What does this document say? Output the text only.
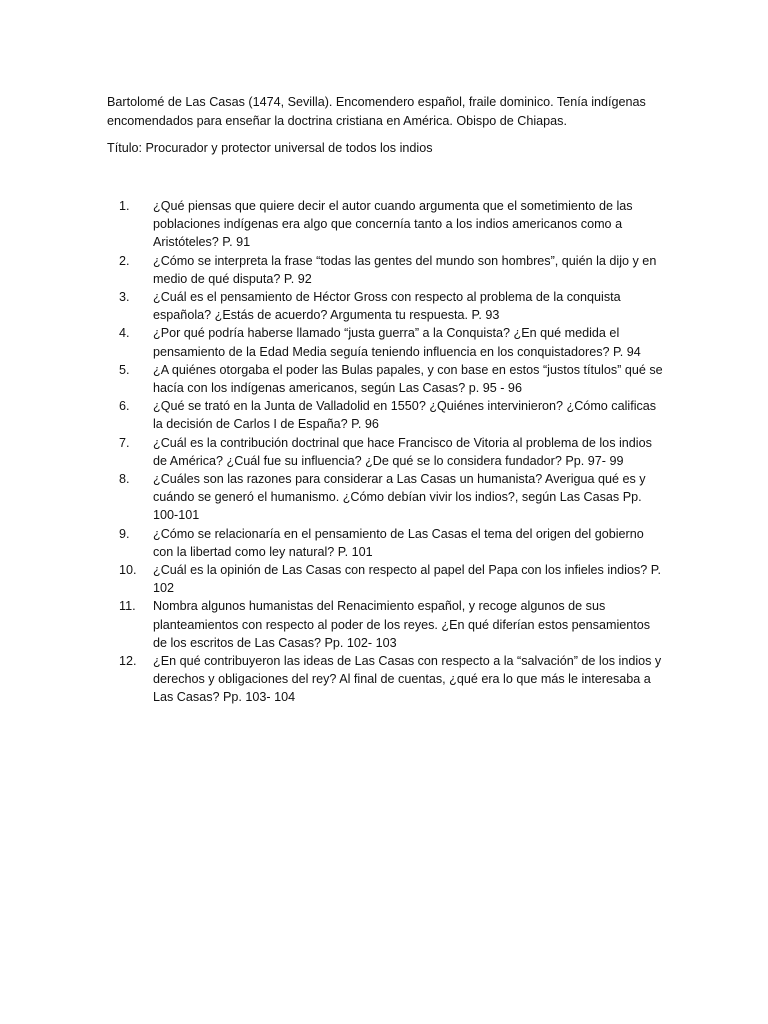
Bartolomé de Las Casas (1474, Sevilla). Encomendero español, fraile dominico. Tenía indígenas encomendados para enseñar la doctrina cristiana en América. Obispo de Chiapas.

Título: Procurador y protector universal de todos los indios

1.	¿Qué piensas que quiere decir el autor cuando argumenta que el sometimiento de las poblaciones indígenas era algo que concernía tanto a los indios americanos como a Aristóteles? P. 91
2.	¿Cómo se interpreta la frase “todas las gentes del mundo son hombres”, quién la dijo y en medio de qué disputa? P. 92
3.	¿Cuál es el pensamiento de Héctor Gross con respecto al problema de la conquista española? ¿Estás de acuerdo? Argumenta tu respuesta. P. 93
4.	¿Por qué podría haberse llamado “justa guerra” a la Conquista? ¿En qué medida el pensamiento de la Edad Media seguía teniendo influencia en los conquistadores? P. 94
5.	¿A quiénes otorgaba el poder las Bulas papales, y con base en estos “justos títulos” qué se hacía con los indígenas americanos, según Las Casas? p. 95 - 96
6.	¿Qué se trató en la Junta de Valladolid en 1550? ¿Quiénes intervinieron? ¿Cómo calificas la decisión de Carlos I de España? P. 96
7.	¿Cuál es la contribución doctrinal que hace Francisco de Vitoria al problema de los indios de América? ¿Cuál fue su influencia? ¿De qué se lo considera fundador? Pp. 97- 99
8.	¿Cuáles son las razones para considerar a Las Casas un humanista? Averigua qué es y cuándo se generó el humanismo. ¿Cómo debían vivir los indios?, según Las Casas Pp. 100-101
9.	¿Cómo se relacionaría en el pensamiento de Las Casas el tema del origen del gobierno con la libertad como ley natural? P. 101
10.	¿Cuál es la opinión de Las Casas con respecto al papel del Papa con los infieles indios? P. 102
11.	Nombra algunos humanistas del Renacimiento español, y recoge algunos de sus planteamientos con respecto al poder de los reyes. ¿En qué diferían estos pensamientos de los escritos de Las Casas? Pp. 102- 103
12.	¿En qué contribuyeron las ideas de Las Casas con respecto a la “salvación” de los indios y derechos y obligaciones del rey? Al final de cuentas, ¿qué era lo que más le interesaba a Las Casas? Pp. 103- 104
